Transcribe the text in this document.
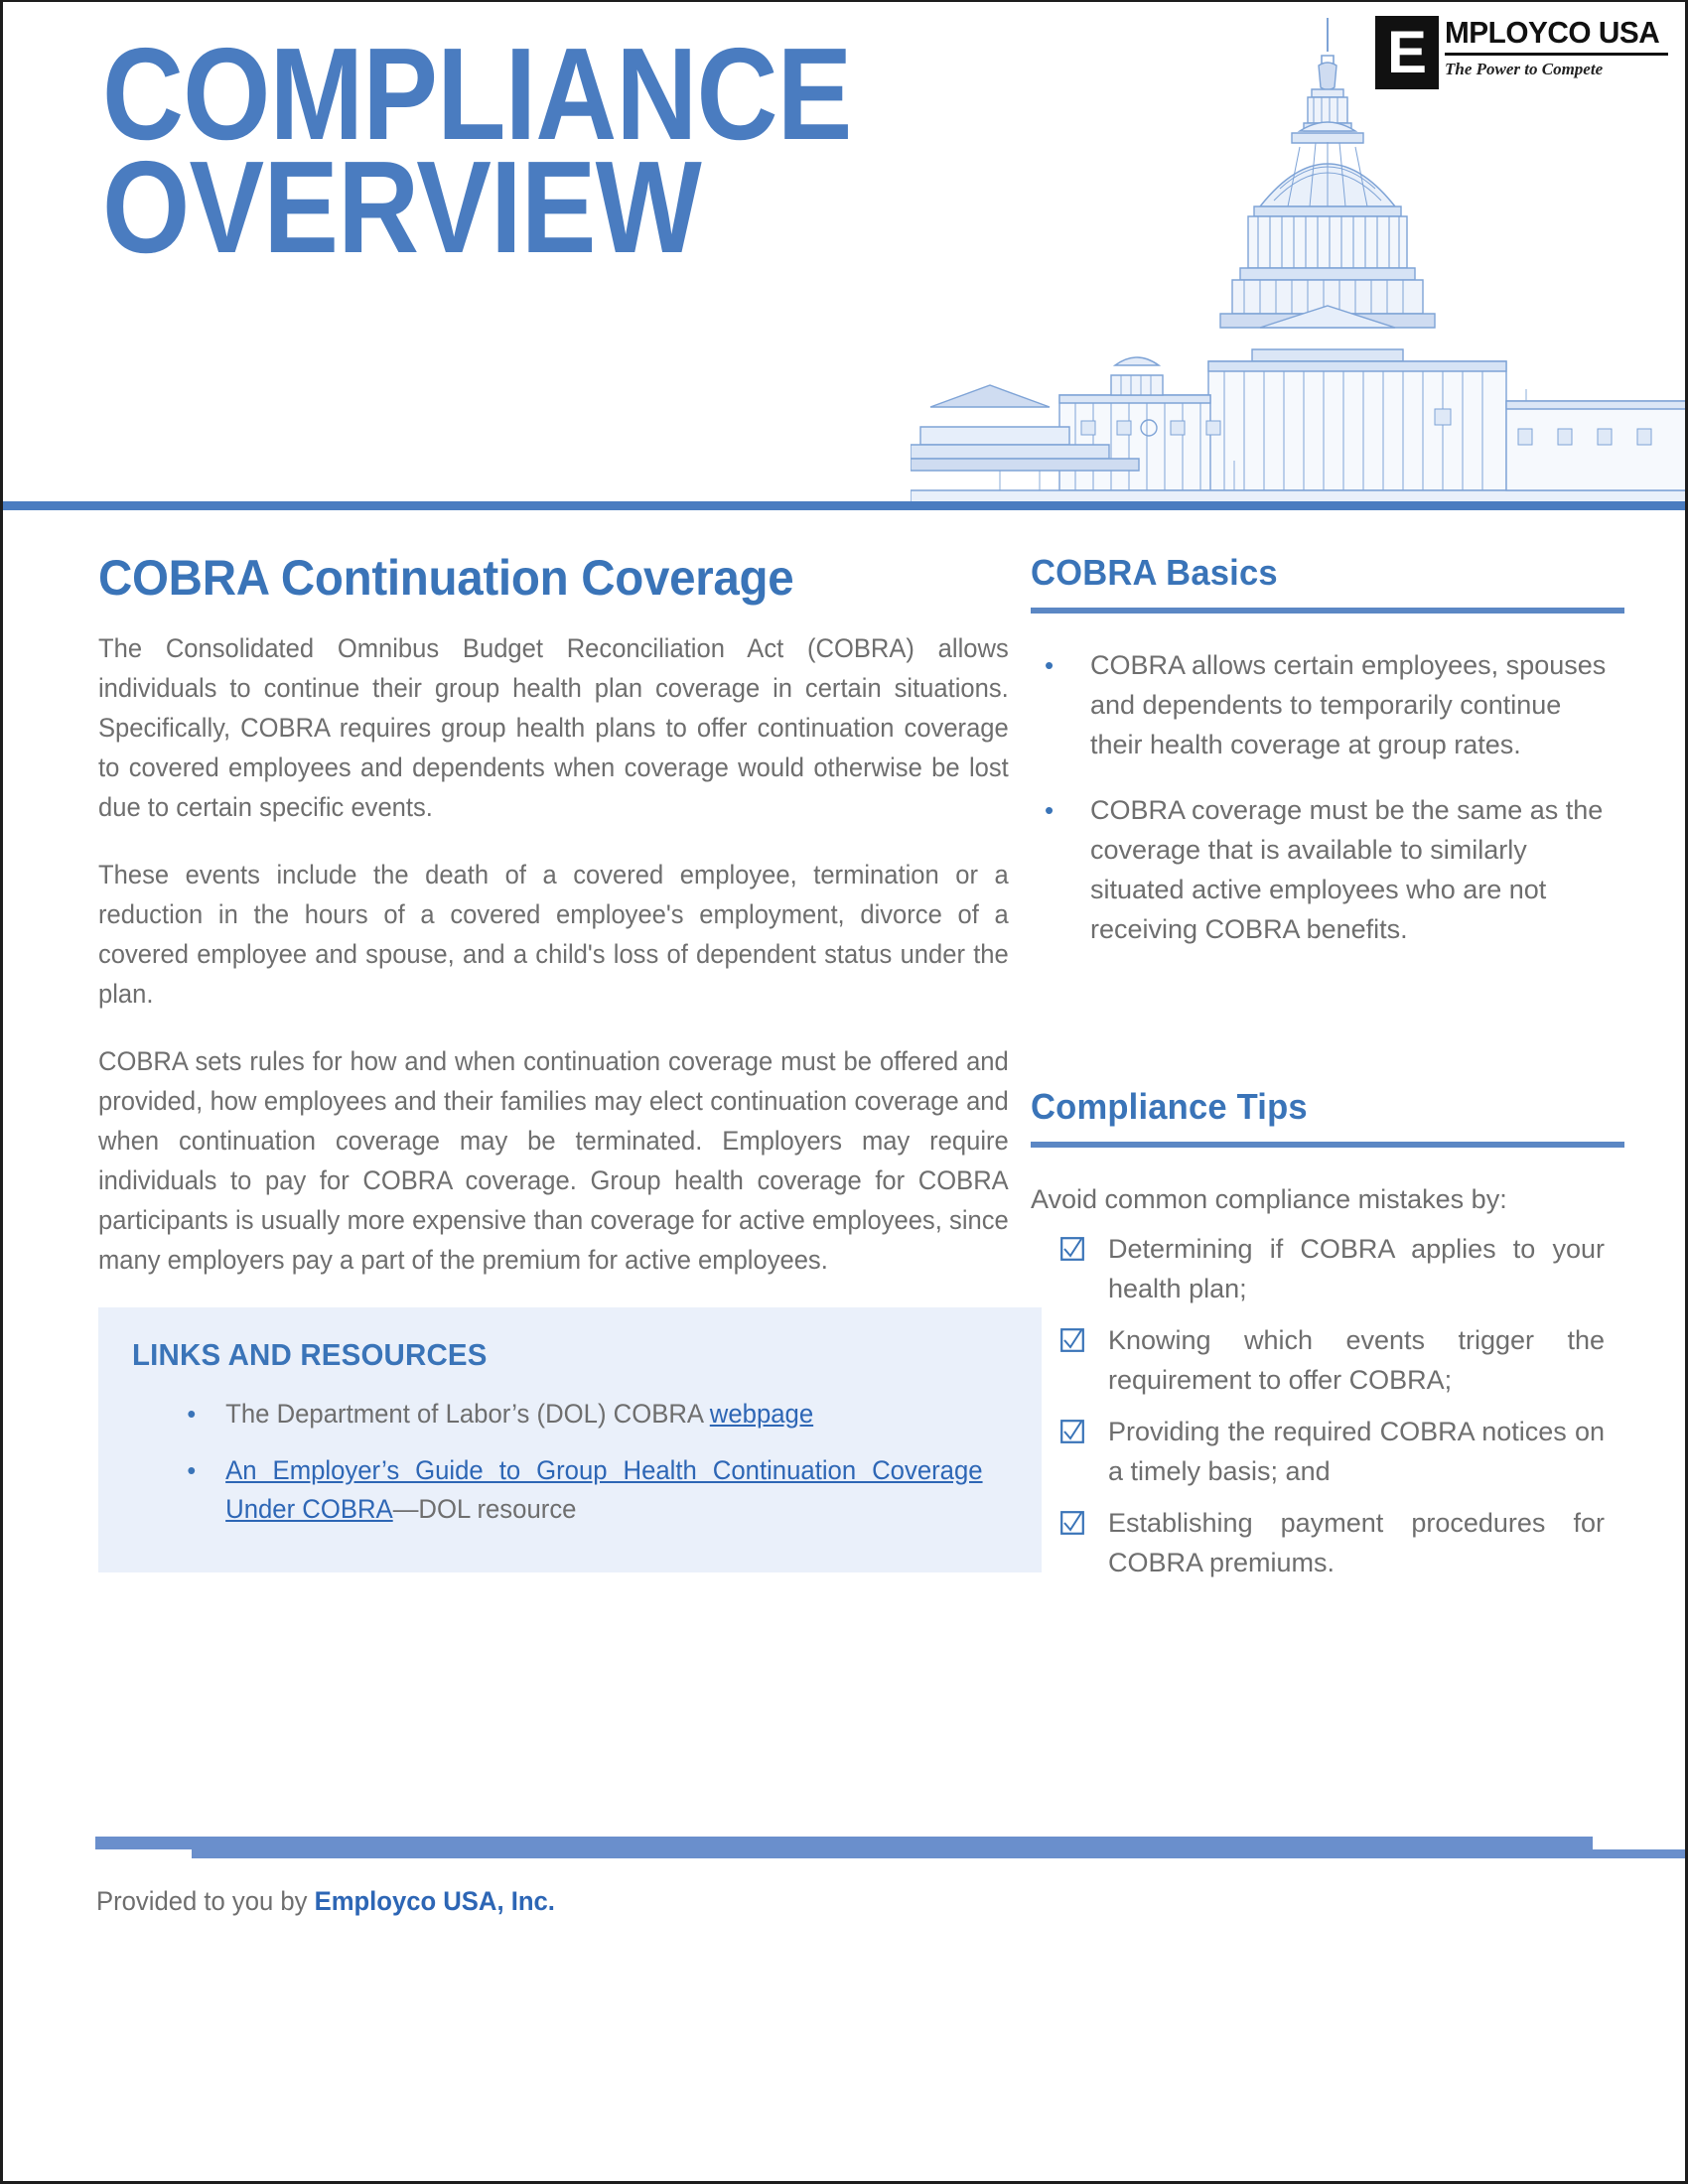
COMPLIANCE
OVERVIEW
E MPLOYCO USA
The Power to Compete
COBRA Continuation Coverage

The Consolidated Omnibus Budget Reconciliation Act (COBRA) allows individuals to continue their group health plan coverage in certain situations. Specifically, COBRA requires group health plans to offer continuation coverage to covered employees and dependents when coverage would otherwise be lost due to certain specific events.

These events include the death of a covered employee, termination or a reduction in the hours of a covered employee's employment, divorce of a covered employee and spouse, and a child's loss of dependent status under the plan.

COBRA sets rules for how and when continuation coverage must be offered and provided, how employees and their families may elect continuation coverage and when continuation coverage may be terminated. Employers may require individuals to pay for COBRA coverage. Group health coverage for COBRA participants is usually more expensive than coverage for active employees, since many employers pay a part of the premium for active employees.

LINKS AND RESOURCES
• The Department of Labor’s (DOL) COBRA webpage
• An Employer’s Guide to Group Health Continuation Coverage Under COBRA—DOL resource
COBRA Basics
• COBRA allows certain employees, spouses and dependents to temporarily continue their health coverage at group rates.
• COBRA coverage must be the same as the coverage that is available to similarly situated active employees who are not receiving COBRA benefits.
Compliance Tips

Avoid common compliance mistakes by:

Determining if COBRA applies to your health plan;
Knowing which events trigger the requirement to offer COBRA;
Providing the required COBRA notices on a timely basis; and
Establishing payment procedures for COBRA premiums.
Provided to you by Employco USA, Inc.
